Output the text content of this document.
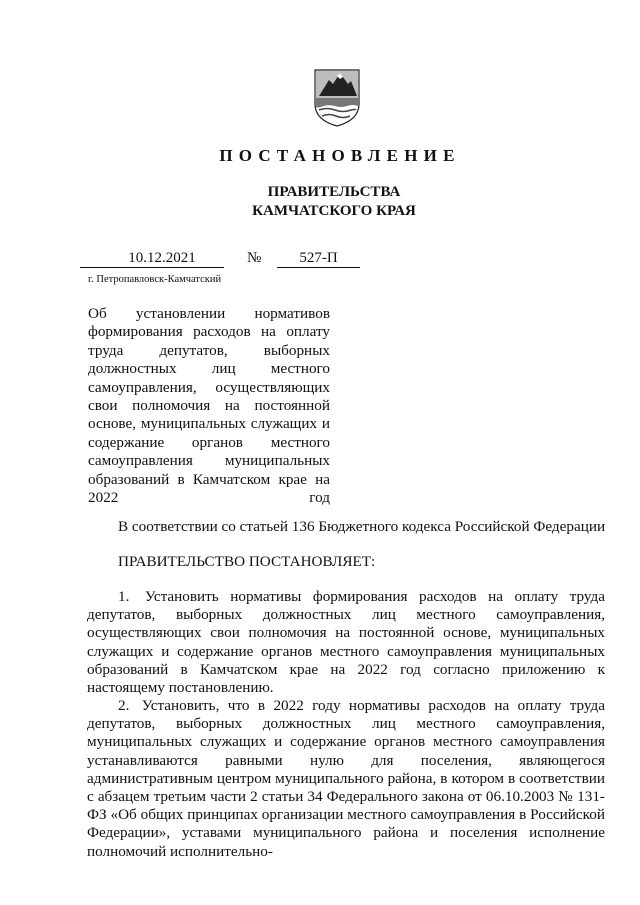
ПОСТАНОВЛЕНИЕ
ПРАВИТЕЛЬСТВА
КАМЧАТСКОГО КРАЯ
10.12.2021	№	527-П
г. Петропавловск-Камчатский
Об установлении нормативов формирования расходов на оплату труда депутатов, выборных должностных лиц местного самоуправления, осуществляющих свои полномочия на постоянной основе, муниципальных служащих и содержание органов местного самоуправления муниципальных образований в Камчатском крае на 2022 год
В соответствии со статьей 136 Бюджетного кодекса Российской Федерации
ПРАВИТЕЛЬСТВО ПОСТАНОВЛЯЕТ:
1. Установить нормативы формирования расходов на оплату труда депутатов, выборных должностных лиц местного самоуправления, осуществляющих свои полномочия на постоянной основе, муниципальных служащих и содержание органов местного самоуправления муниципальных образований в Камчатском крае на 2022 год согласно приложению к настоящему постановлению.
2. Установить, что в 2022 году нормативы расходов на оплату труда депутатов, выборных должностных лиц местного самоуправления, муниципальных служащих и содержание органов местного самоуправления устанавливаются равными нулю для поселения, являющегося административным центром муниципального района, в котором в соответствии с абзацем третьим части 2 статьи 34 Федерального закона от 06.10.2003 № 131-ФЗ «Об общих принципах организации местного самоуправления в Российской Федерации», уставами муниципального района и поселения исполнение полномочий исполнительно-
